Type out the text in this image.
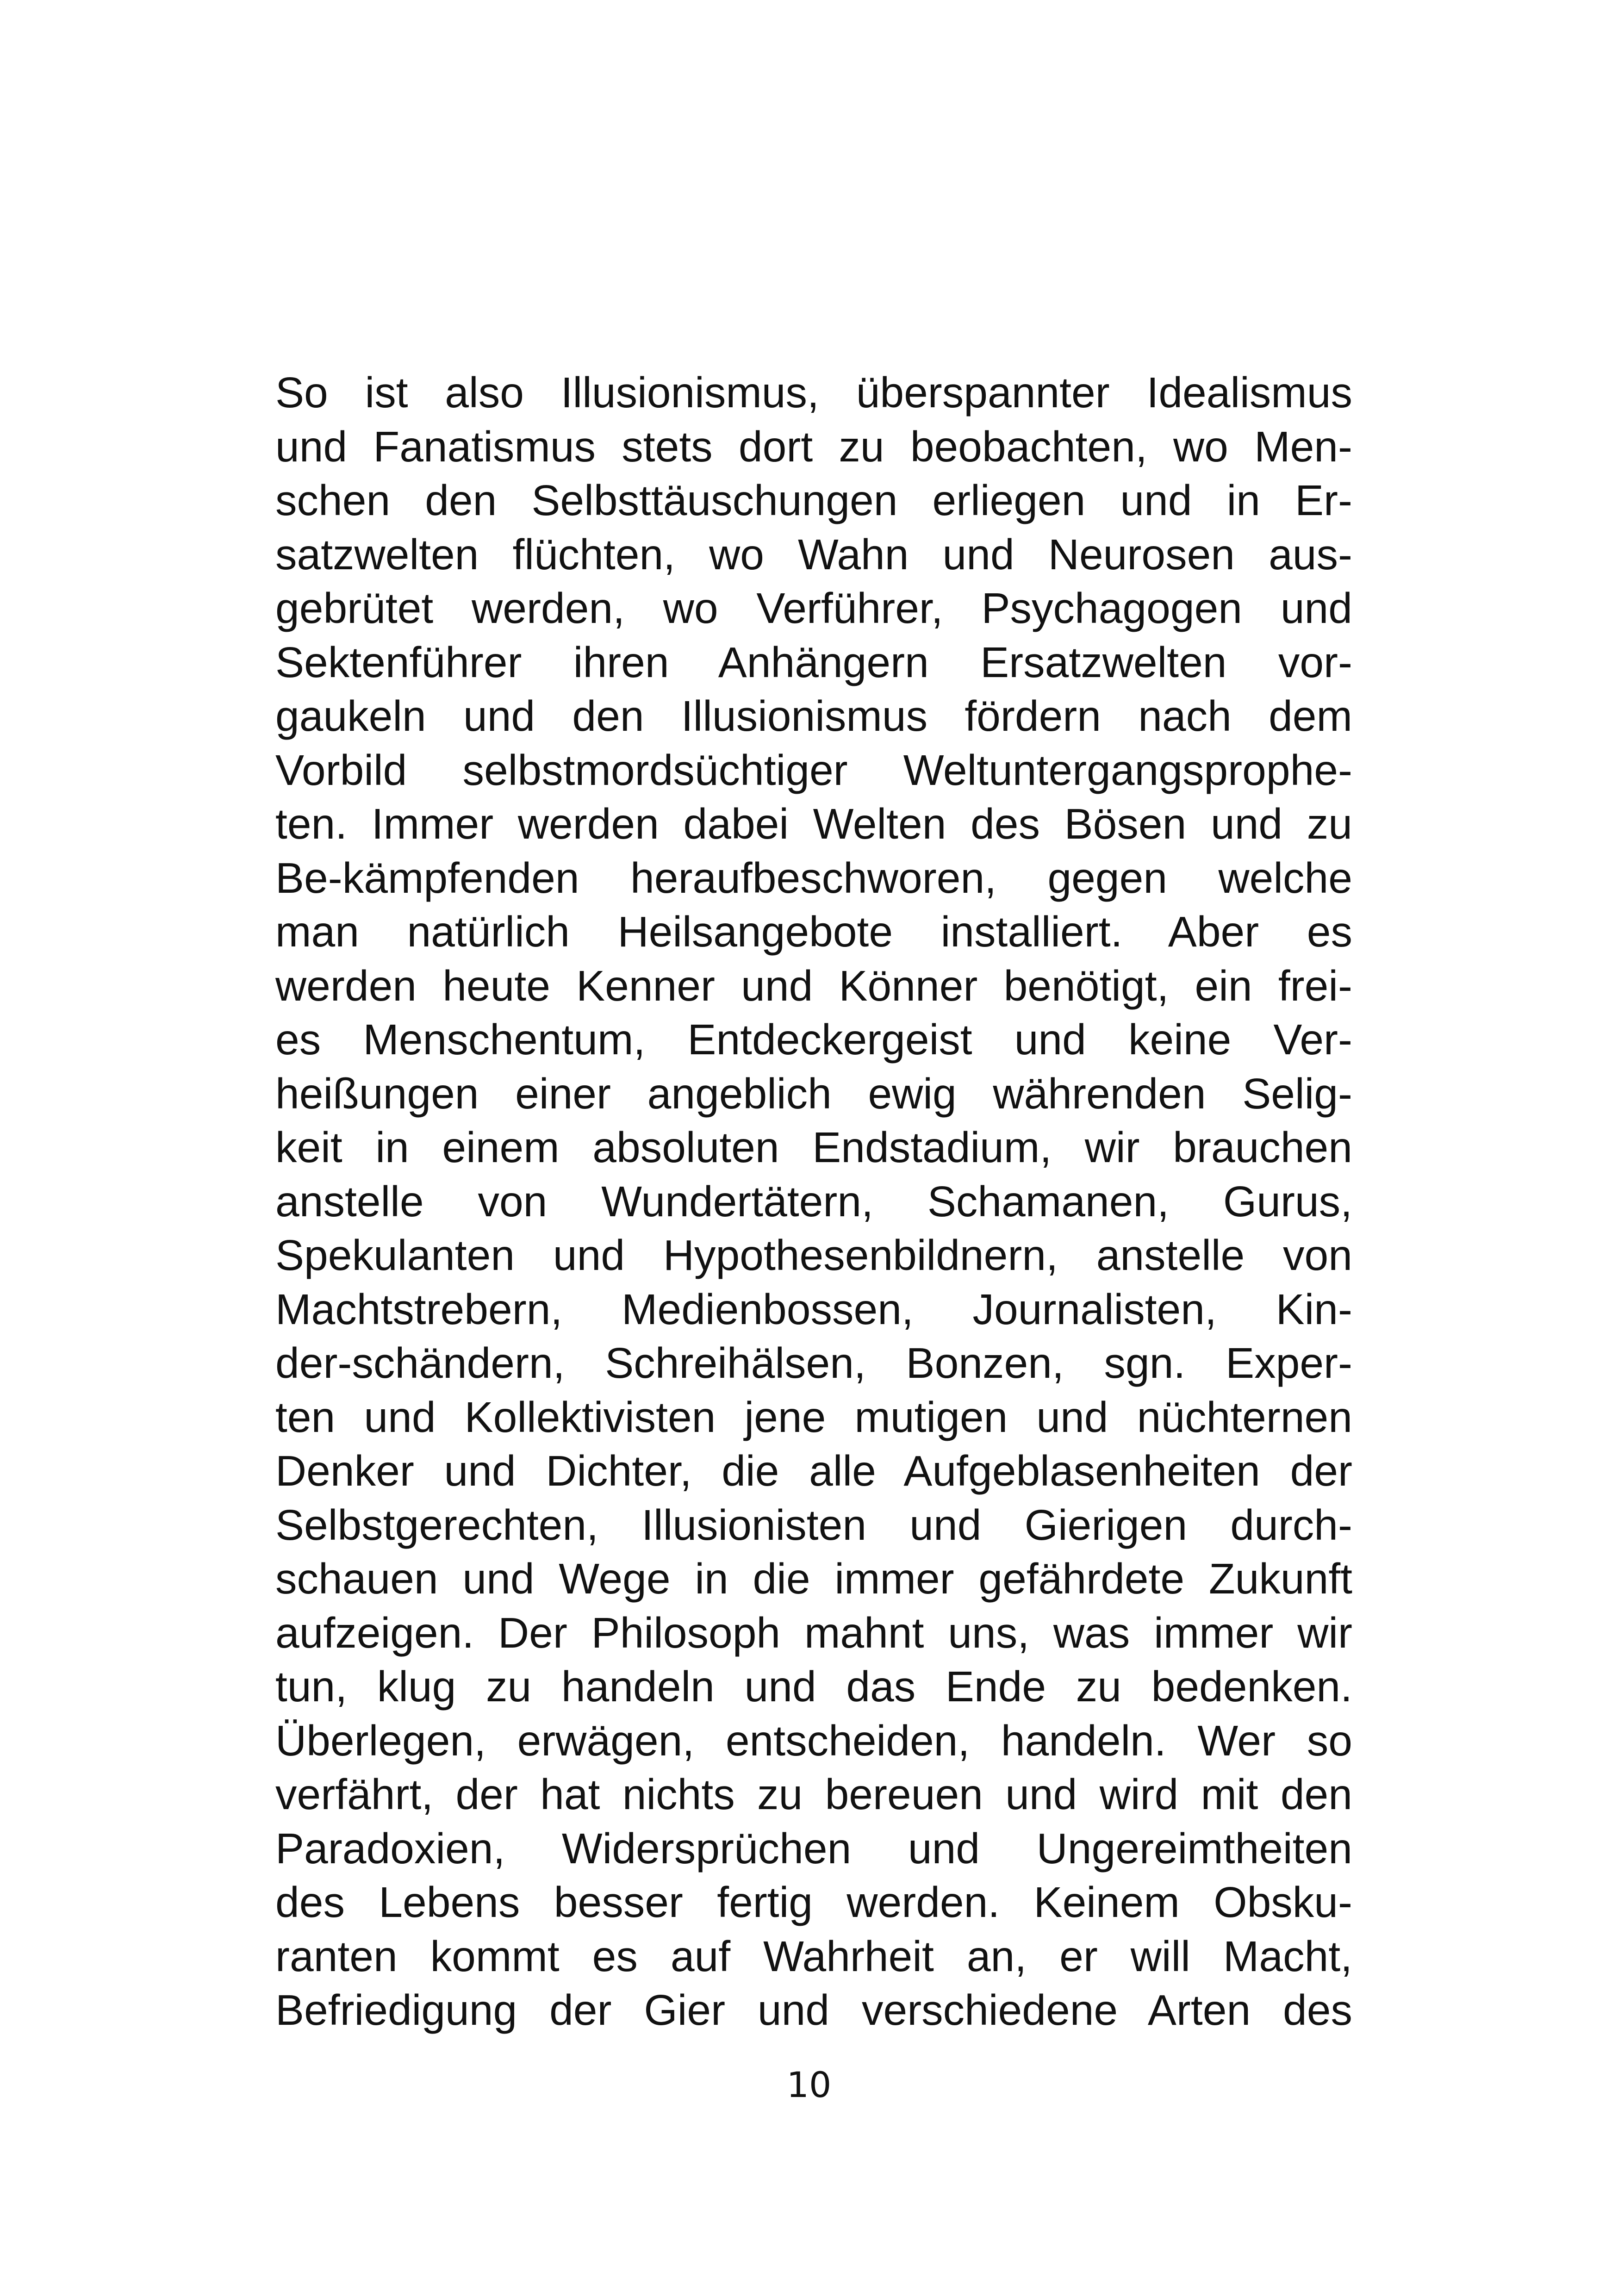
So ist also Illusionismus, überspannter Idealismus
und Fanatismus stets dort zu beobachten, wo Men-
schen den Selbsttäuschungen erliegen und in Er-
satzwelten flüchten, wo Wahn und Neurosen aus-
gebrütet werden, wo Verführer, Psychagogen und
Sektenführer ihren Anhängern Ersatzwelten vor-
gaukeln und den Illusionismus fördern nach dem
Vorbild selbstmordsüchtiger Weltuntergangsprophe-
ten. Immer werden dabei Welten des Bösen und zu
Be-kämpfenden heraufbeschworen, gegen welche
man natürlich Heilsangebote installiert. Aber es
werden heute Kenner und Könner benötigt, ein frei-
es Menschentum, Entdeckergeist und keine Ver-
heißungen einer angeblich ewig währenden Selig-
keit in einem absoluten Endstadium, wir brauchen
anstelle von Wundertätern, Schamanen, Gurus,
Spekulanten und Hypothesenbildnern, anstelle von
Machtstrebern, Medienbossen, Journalisten, Kin-
der-schändern, Schreihälsen, Bonzen, sgn. Exper-
ten und Kollektivisten jene mutigen und nüchternen
Denker und Dichter, die alle Aufgeblasenheiten der
Selbstgerechten, Illusionisten und Gierigen durch-
schauen und Wege in die immer gefährdete Zukunft
aufzeigen. Der Philosoph mahnt uns, was immer wir
tun, klug zu handeln und das Ende zu bedenken.
Überlegen, erwägen, entscheiden, handeln. Wer so
verfährt, der hat nichts zu bereuen und wird mit den
Paradoxien, Widersprüchen und Ungereimtheiten
des Lebens besser fertig werden. Keinem Obsku-
ranten kommt es auf Wahrheit an, er will Macht,
Befriedigung der Gier und verschiedene Arten des
10
